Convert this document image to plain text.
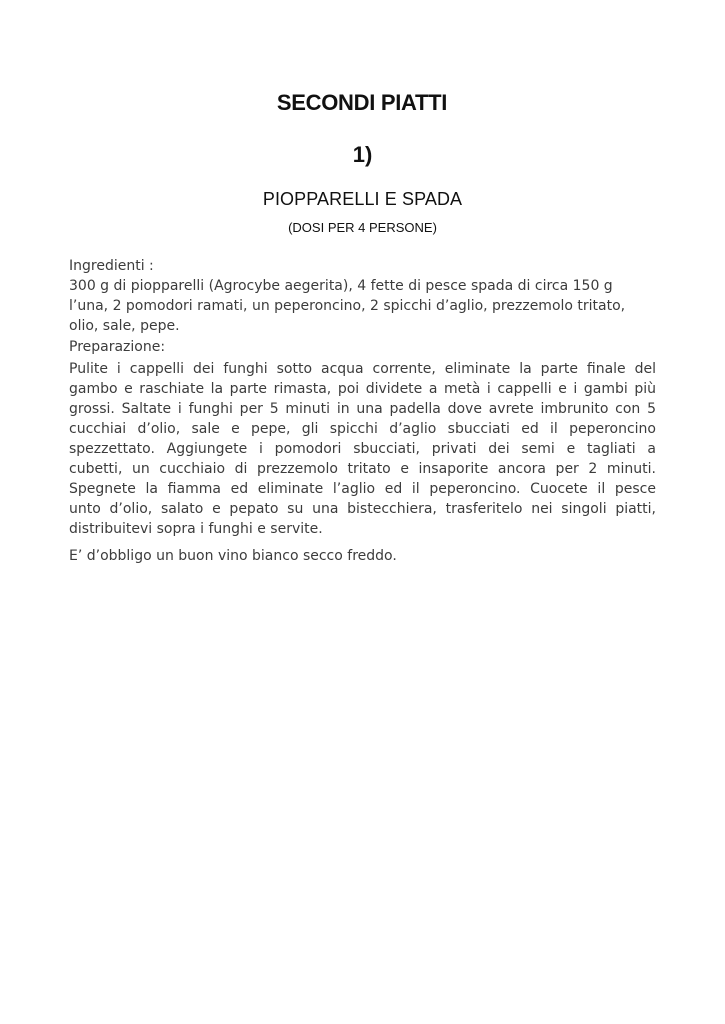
SECONDI PIATTI
1)
PIOPPARELLI E SPADA
(DOSI PER 4 PERSONE)
Ingredienti :
300 g di piopparelli (Agrocybe aegerita), 4 fette di pesce spada di circa 150 g
l’una, 2 pomodori ramati, un peperoncino, 2 spicchi d’aglio, prezzemolo tritato,
olio, sale, pepe.
Preparazione:
Pulite i cappelli dei funghi sotto acqua corrente, eliminate la parte finale del
gambo e raschiate la parte rimasta, poi dividete a metà i cappelli e i gambi più
grossi. Saltate i funghi per 5 minuti in una padella dove avrete imbrunito con 5
cucchiai d’olio, sale e pepe, gli spicchi d’aglio sbucciati ed il peperoncino
spezzettato. Aggiungete i pomodori sbucciati, privati dei semi e tagliati a
cubetti, un cucchiaio di prezzemolo tritato e insaporite ancora per 2 minuti.
Spegnete la fiamma ed eliminate l’aglio ed il peperoncino. Cuocete il pesce
unto d’olio, salato e pepato su una bistecchiera, trasferitelo nei singoli piatti,
distribuitevi sopra i funghi e servite.
E’ d’obbligo un buon vino bianco secco freddo.
